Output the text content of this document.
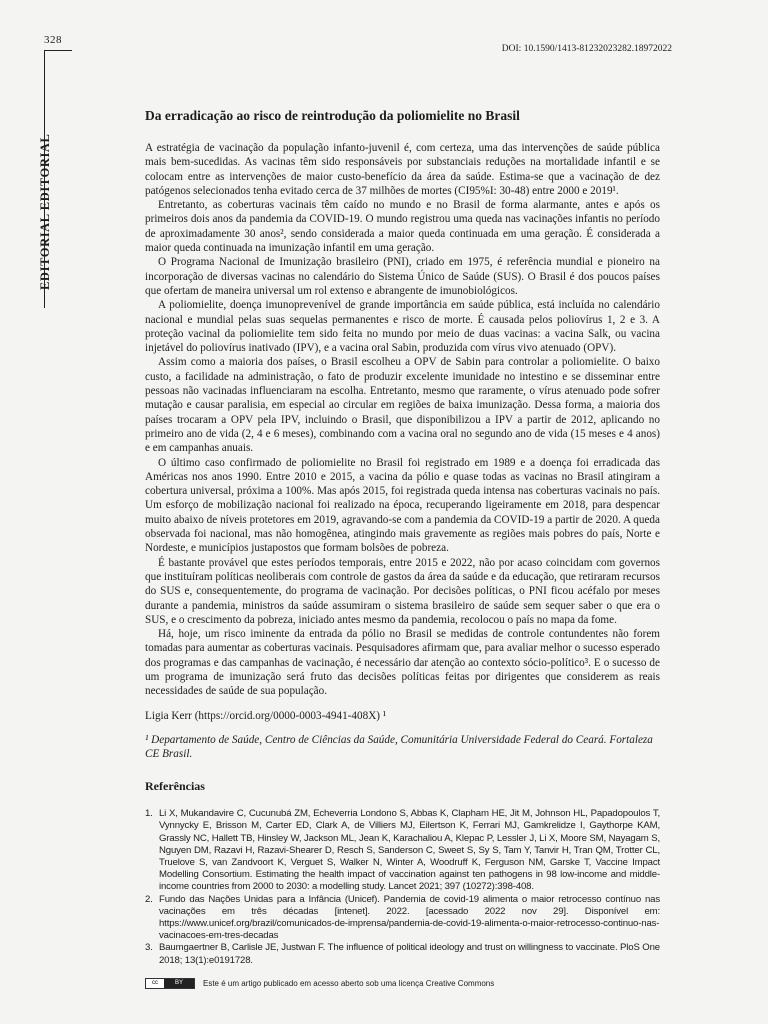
328
DOI: 10.1590/1413-81232023282.18972022
EDITORIAL EDITORIAL
Da erradicação ao risco de reintrodução da poliomielite no Brasil

A estratégia de vacinação da população infanto-juvenil é, com certeza, uma das intervenções de saúde pública mais bem-sucedidas. As vacinas têm sido responsáveis por substanciais reduções na mortalidade infantil e se colocam entre as intervenções de maior custo-benefício da área da saúde. Estima-se que a vacinação de dez patógenos selecionados tenha evitado cerca de 37 milhões de mortes (CI95%I: 30-48) entre 2000 e 2019¹.

Entretanto, as coberturas vacinais têm caído no mundo e no Brasil de forma alarmante, antes e após os primeiros dois anos da pandemia da COVID-19. O mundo registrou uma queda nas vacinações infantis no período de aproximadamente 30 anos², sendo considerada a maior queda continuada em uma geração. É considerada a maior queda continuada na imunização infantil em uma geração.

O Programa Nacional de Imunização brasileiro (PNI), criado em 1975, é referência mundial e pioneiro na incorporação de diversas vacinas no calendário do Sistema Único de Saúde (SUS). O Brasil é dos poucos países que ofertam de maneira universal um rol extenso e abrangente de imunobiológicos.

A poliomielite, doença imunoprevenível de grande importância em saúde pública, está incluída no calendário nacional e mundial pelas suas sequelas permanentes e risco de morte. É causada pelos poliovírus 1, 2 e 3. A proteção vacinal da poliomielite tem sido feita no mundo por meio de duas vacinas: a vacina Salk, ou vacina injetável do poliovírus inativado (IPV), e a vacina oral Sabin, produzida com vírus vivo atenuado (OPV).

Assim como a maioria dos países, o Brasil escolheu a OPV de Sabin para controlar a poliomielite. O baixo custo, a facilidade na administração, o fato de produzir excelente imunidade no intestino e se disseminar entre pessoas não vacinadas influenciaram na escolha. Entretanto, mesmo que raramente, o vírus atenuado pode sofrer mutação e causar paralisia, em especial ao circular em regiões de baixa imunização. Dessa forma, a maioria dos países trocaram a OPV pela IPV, incluindo o Brasil, que disponibilizou a IPV a partir de 2012, aplicando no primeiro ano de vida (2, 4 e 6 meses), combinando com a vacina oral no segundo ano de vida (15 meses e 4 anos) e em campanhas anuais.

O último caso confirmado de poliomielite no Brasil foi registrado em 1989 e a doença foi erradicada das Américas nos anos 1990. Entre 2010 e 2015, a vacina da pólio e quase todas as vacinas no Brasil atingiram a cobertura universal, próxima a 100%. Mas após 2015, foi registrada queda intensa nas coberturas vacinais no país. Um esforço de mobilização nacional foi realizado na época, recuperando ligeiramente em 2018, para despencar muito abaixo de níveis protetores em 2019, agravando-se com a pandemia da COVID-19 a partir de 2020. A queda observada foi nacional, mas não homogênea, atingindo mais gravemente as regiões mais pobres do país, Norte e Nordeste, e municípios justapostos que formam bolsões de pobreza.

É bastante provável que estes períodos temporais, entre 2015 e 2022, não por acaso coincidam com governos que instituíram políticas neoliberais com controle de gastos da área da saúde e da educação, que retiraram recursos do SUS e, consequentemente, do programa de vacinação. Por decisões políticas, o PNI ficou acéfalo por meses durante a pandemia, ministros da saúde assumiram o sistema brasileiro de saúde sem sequer saber o que era o SUS, e o crescimento da pobreza, iniciado antes mesmo da pandemia, recolocou o país no mapa da fome.

Há, hoje, um risco iminente da entrada da pólio no Brasil se medidas de controle contundentes não forem tomadas para aumentar as coberturas vacinais. Pesquisadores afirmam que, para avaliar melhor o sucesso esperado dos programas e das campanhas de vacinação, é necessário dar atenção ao contexto sócio-político³. E o sucesso de um programa de imunização será fruto das decisões políticas feitas por dirigentes que considerem as reais necessidades de saúde de sua população.

Ligia Kerr (https://orcid.org/0000-0003-4941-408X) ¹
¹ Departamento de Saúde, Centro de Ciências da Saúde, Comunitária Universidade Federal do Ceará. Fortaleza CE Brasil.
Referências
1. Li X, Mukandavire C, Cucunubá ZM, Echeverria Londono S, Abbas K, Clapham HE, Jit M, Johnson HL, Papadopoulos T, Vynnycky E, Brisson M, Carter ED, Clark A, de Villiers MJ, Eilertson K, Ferrari MJ, Gamkrelidze I, Gaythorpe KAM, Grassly NC, Hallett TB, Hinsley W, Jackson ML, Jean K, Karachaliou A, Klepac P, Lessler J, Li X, Moore SM, Nayagam S, Nguyen DM, Razavi H, Razavi-Shearer D, Resch S, Sanderson C, Sweet S, Sy S, Tam Y, Tanvir H, Tran QM, Trotter CL, Truelove S, van Zandvoort K, Verguet S, Walker N, Winter A, Woodruff K, Ferguson NM, Garske T, Vaccine Impact Modelling Consortium. Estimating the health impact of vaccination against ten pathogens in 98 low-income and middle-income countries from 2000 to 2030: a modelling study. Lancet 2021; 397 (10272):398-408.
2. Fundo das Nações Unidas para a Infância (Unicef). Pandemia de covid-19 alimenta o maior retrocesso contínuo nas vacinações em três décadas [intenet]. 2022. [acessado 2022 nov 29]. Disponível em: https://www.unicef.org/brazil/comunicados-de-imprensa/pandemia-de-covid-19-alimenta-o-maior-retrocesso-continuo-nas-vacinacoes-em-tres-decadas
3. Baumgaertner B, Carlisle JE, Justwan F. The influence of political ideology and trust on willingness to vaccinate. PloS One 2018; 13(1):e0191728.
cc	BY	Este é um artigo publicado em acesso aberto sob uma licença Creative Commons
